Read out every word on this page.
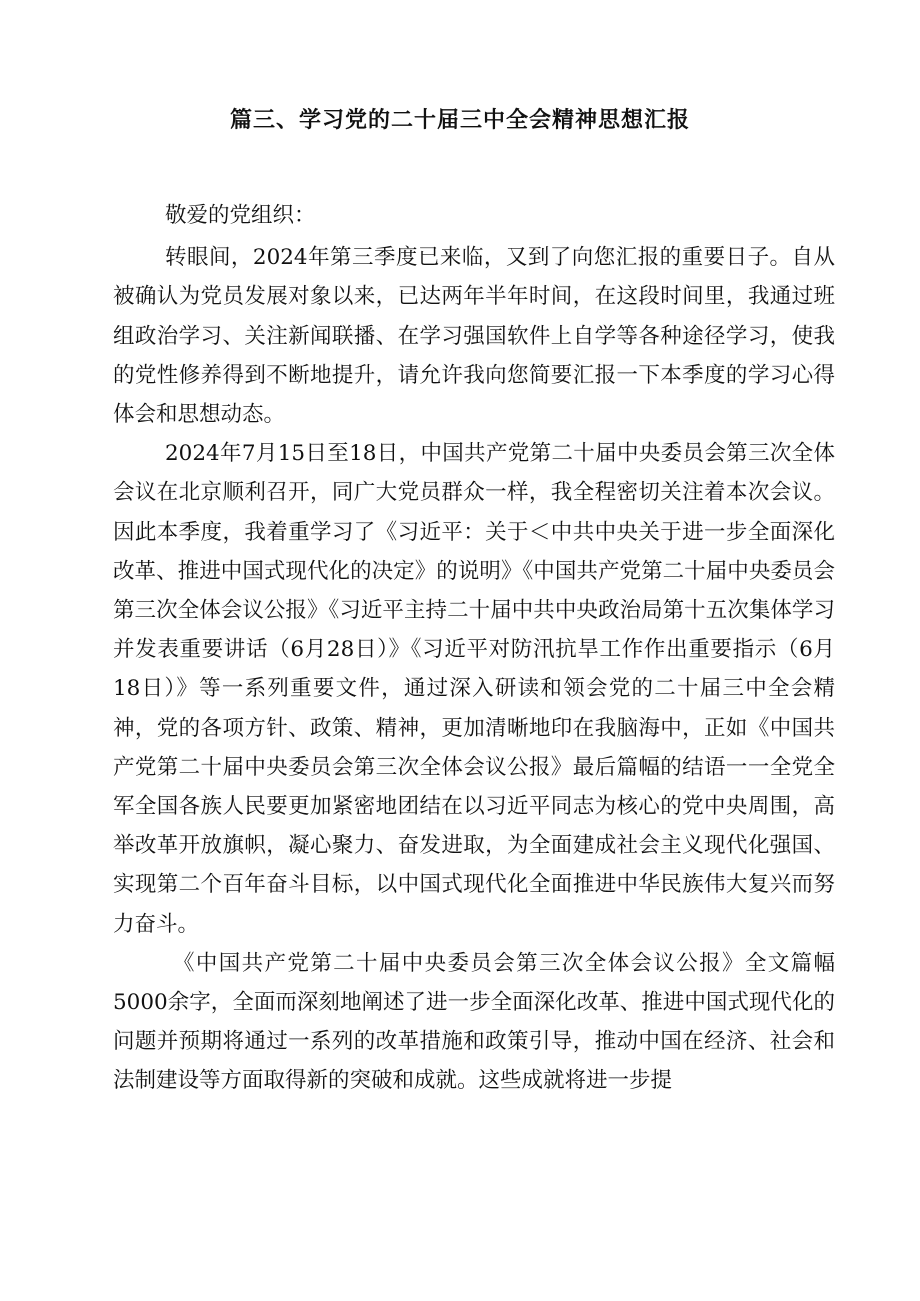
篇三、学习党的二十届三中全会精神思想汇报

敬爱的党组织：

转眼间，2024年第三季度已来临，又到了向您汇报的重要日子。自从被确认为党员发展对象以来，已达两年半年时间，在这段时间里，我通过班组政治学习、关注新闻联播、在学习强国软件上自学等各种途径学习，使我的党性修养得到不断地提升，请允许我向您简要汇报一下本季度的学习心得体会和思想动态。

2024年7月15日至18日，中国共产党第二十届中央委员会第三次全体会议在北京顺利召开，同广大党员群众一样，我全程密切关注着本次会议。因此本季度，我着重学习了《习近平：关于＜中共中央关于进一步全面深化改革、推进中国式现代化的决定》的说明》《中国共产党第二十届中央委员会第三次全体会议公报》《习近平主持二十届中共中央政治局第十五次集体学习并发表重要讲话（6月28日）》《习近平对防汛抗旱工作作出重要指示（6月18日）》等一系列重要文件，通过深入研读和领会党的二十届三中全会精神，党的各项方针、政策、精神，更加清晰地印在我脑海中，正如《中国共产党第二十届中央委员会第三次全体会议公报》最后篇幅的结语一一全党全军全国各族人民要更加紧密地团结在以习近平同志为核心的党中央周围，高举改革开放旗帜，凝心聚力、奋发进取，为全面建成社会主义现代化强国、实现第二个百年奋斗目标，以中国式现代化全面推进中华民族伟大复兴而努力奋斗。

《中国共产党第二十届中央委员会第三次全体会议公报》全文篇幅5000余字，全面而深刻地阐述了进一步全面深化改革、推进中国式现代化的问题并预期将通过一系列的改革措施和政策引导，推动中国在经济、社会和法制建设等方面取得新的突破和成就。这些成就将进一步提
